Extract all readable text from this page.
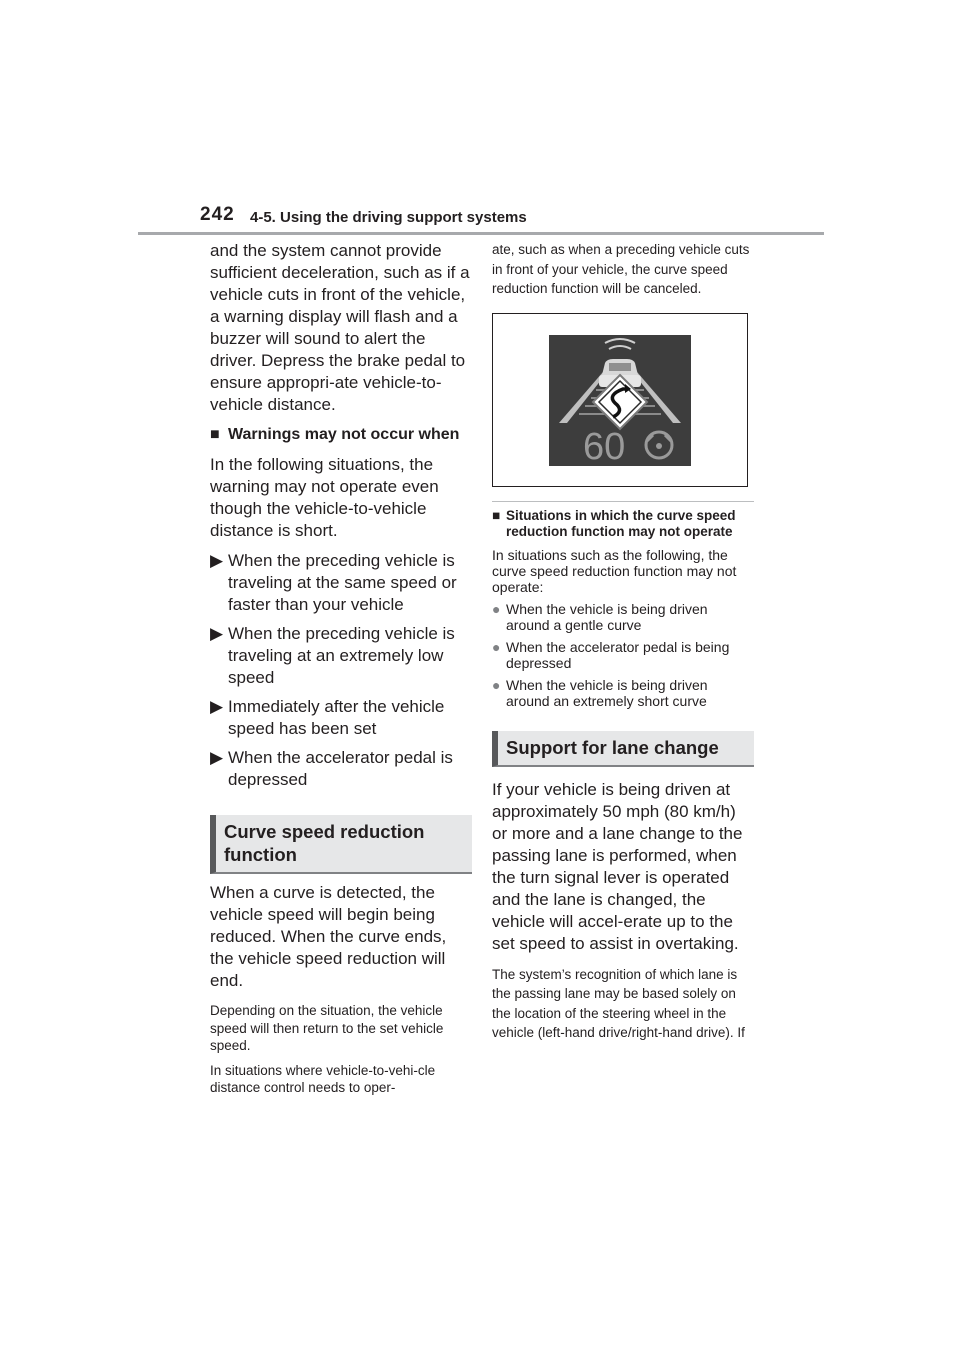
242 4-5. Using the driving support systems

and the system cannot provide sufficient deceleration, such as if a vehicle cuts in front of the vehicle, a warning display will flash and a buzzer will sound to alert the driver. Depress the brake pedal to ensure appropri-ate vehicle-to-vehicle distance.

■ Warnings may not occur when

In the following situations, the warning may not operate even though the vehicle-to-vehicle distance is short.

▶ When the preceding vehicle is traveling at the same speed or faster than your vehicle
▶ When the preceding vehicle is traveling at an extremely low speed
▶ Immediately after the vehicle speed has been set
▶ When the accelerator pedal is depressed
Curve speed reduction function

When a curve is detected, the vehicle speed will begin being reduced. When the curve ends, the vehicle speed reduction will end.

Depending on the situation, the vehicle speed will then return to the set vehicle speed.

In situations where vehicle-to-vehi-cle distance control needs to oper-

ate, such as when a preceding vehicle cuts in front of your vehicle, the curve speed reduction function will be canceled.

60
■ Situations in which the curve speed reduction function may not operate

In situations such as the following, the curve speed reduction function may not operate:

● When the vehicle is being driven around a gentle curve
● When the accelerator pedal is being depressed
● When the vehicle is being driven around an extremely short curve
Support for lane change

If your vehicle is being driven at approximately 50 mph (80 km/h) or more and a lane change to the passing lane is performed, when the turn signal lever is operated and the lane is changed, the vehicle will accel-erate up to the set speed to assist in overtaking.

The system’s recognition of which lane is the passing lane may be based solely on the location of the steering wheel in the vehicle (left-hand drive/right-hand drive). If
